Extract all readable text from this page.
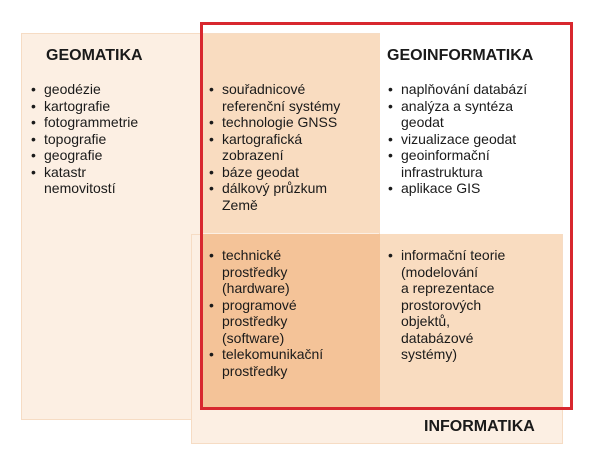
GEOMATIKA	GEOINFORMATIKA
INFORMATIKA
• geodézie
• kartografie
• fotogrammetrie
• topografie
• geografie
• katastr
nemovitostí
• souřadnicové
referenční systémy
• technologie GNSS
• kartografická
zobrazení
• báze geodat
• dálkový průzkum
Země
• naplňování databází
• analýza a syntéza
geodat
• vizualizace geodat
• geoinformační
infrastruktura
• aplikace GIS
• technické
prostředky
(hardware)
• programové
prostředky
(software)
• telekomunikační
prostředky
• informační teorie
(modelování
a reprezentace
prostorových
objektů,
databázové
systémy)
